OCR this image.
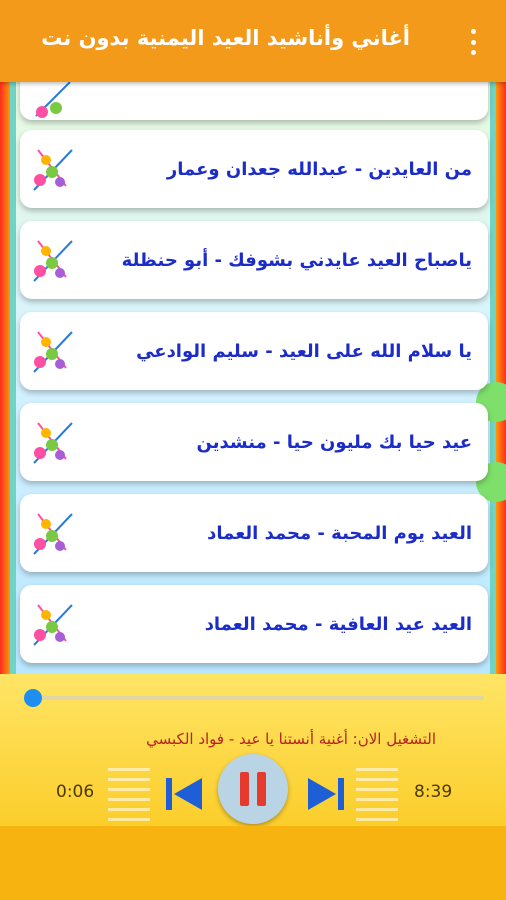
أغاني وأناشيد العيد اليمنية بدون نت
من العايدين - عبدالله جعدان وعمار
ياصباح العيد عايدني بشوفك - أبو حنظلة
يا سلام الله على العيد - سليم الوادعي
عيد حيا بك مليون حيا - منشدين
العيد يوم المحبة - محمد العماد
العيد عيد العافية - محمد العماد
التشغيل الان: أغنية أنستنا يا عيد - فواد الكبسي
0:06	8:39
